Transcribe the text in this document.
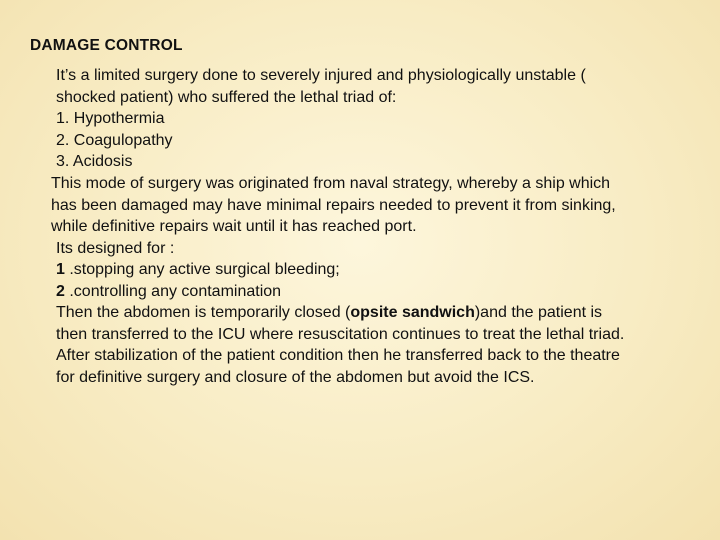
DAMAGE CONTROL
It’s a limited surgery done to severely injured and physiologically unstable (
shocked patient) who suffered the lethal triad of:
1. Hypothermia
2. Coagulopathy
3. Acidosis
This mode of surgery was originated from naval strategy, whereby a ship which
has been damaged may have minimal repairs needed to prevent it from sinking,
while definitive repairs wait until it has reached port.
Its designed for :
1 .stopping any active surgical bleeding;
2 .controlling any contamination
Then the abdomen is temporarily closed (opsite sandwich)and the patient is
then transferred to the ICU where resuscitation continues to treat the lethal triad.
After stabilization of the patient condition then he transferred back to the theatre
for definitive surgery and closure of the abdomen but avoid the ICS.
